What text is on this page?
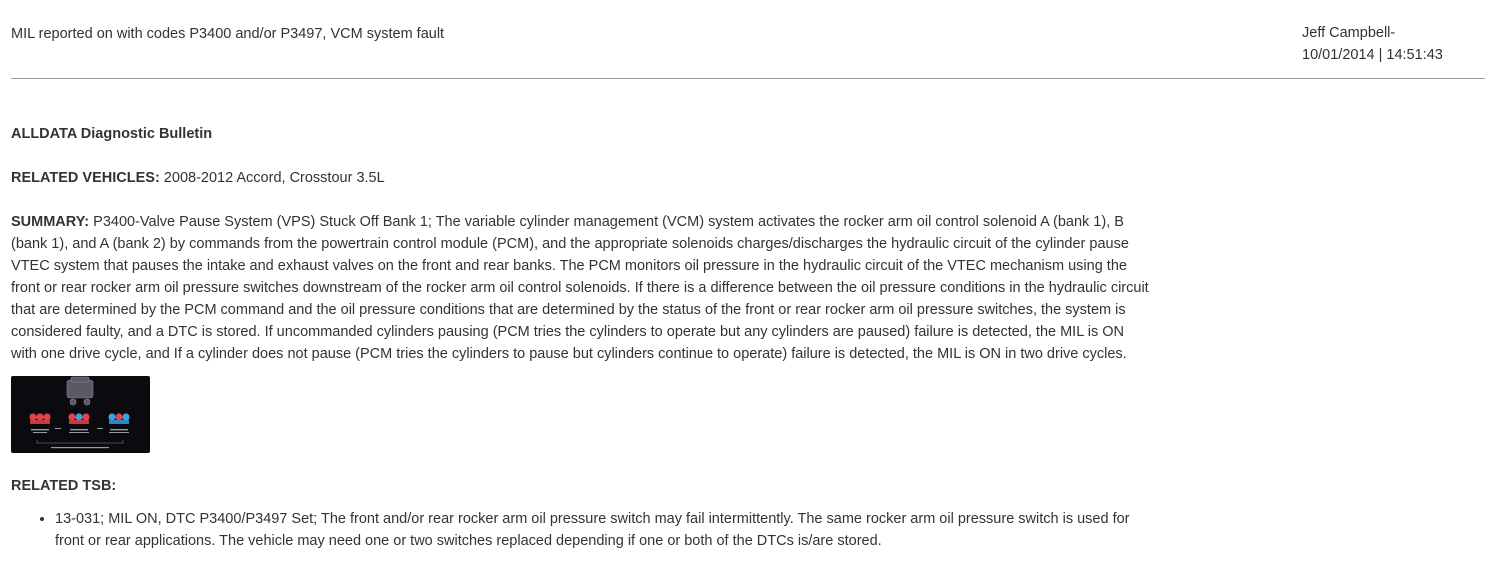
MIL reported on with codes P3400 and/or P3497, VCM system fault	Jeff Campbell-
10/01/2014 | 14:51:43
ALLDATA Diagnostic Bulletin

RELATED VEHICLES: 2008-2012 Accord, Crosstour 3.5L

SUMMARY: P3400-Valve Pause System (VPS) Stuck Off Bank 1; The variable cylinder management (VCM) system activates the rocker arm oil control solenoid A (bank 1), B (bank 1), and A (bank 2) by commands from the powertrain control module (PCM), and the appropriate solenoids charges/discharges the hydraulic circuit of the cylinder pause VTEC system that pauses the intake and exhaust valves on the front and rear banks. The PCM monitors oil pressure in the hydraulic circuit of the VTEC mechanism using the front or rear rocker arm oil pressure switches downstream of the rocker arm oil control solenoids. If there is a difference between the oil pressure conditions in the hydraulic circuit that are determined by the PCM command and the oil pressure conditions that are determined by the status of the front or rear rocker arm oil pressure switches, the system is considered faulty, and a DTC is stored. If uncommanded cylinders pausing (PCM tries the cylinders to operate but any cylinders are paused) failure is detected, the MIL is ON with one drive cycle, and If a cylinder does not pause (PCM tries the cylinders to pause but cylinders continue to operate) failure is detected, the MIL is ON in two drive cycles.

RELATED TSB:

• 13-031; MIL ON, DTC P3400/P3497 Set; The front and/or rear rocker arm oil pressure switch may fail intermittently. The same rocker arm oil pressure switch is used for front or rear applications. The vehicle may need one or two switches replaced depending if one or both of the DTCs is/are stored.
